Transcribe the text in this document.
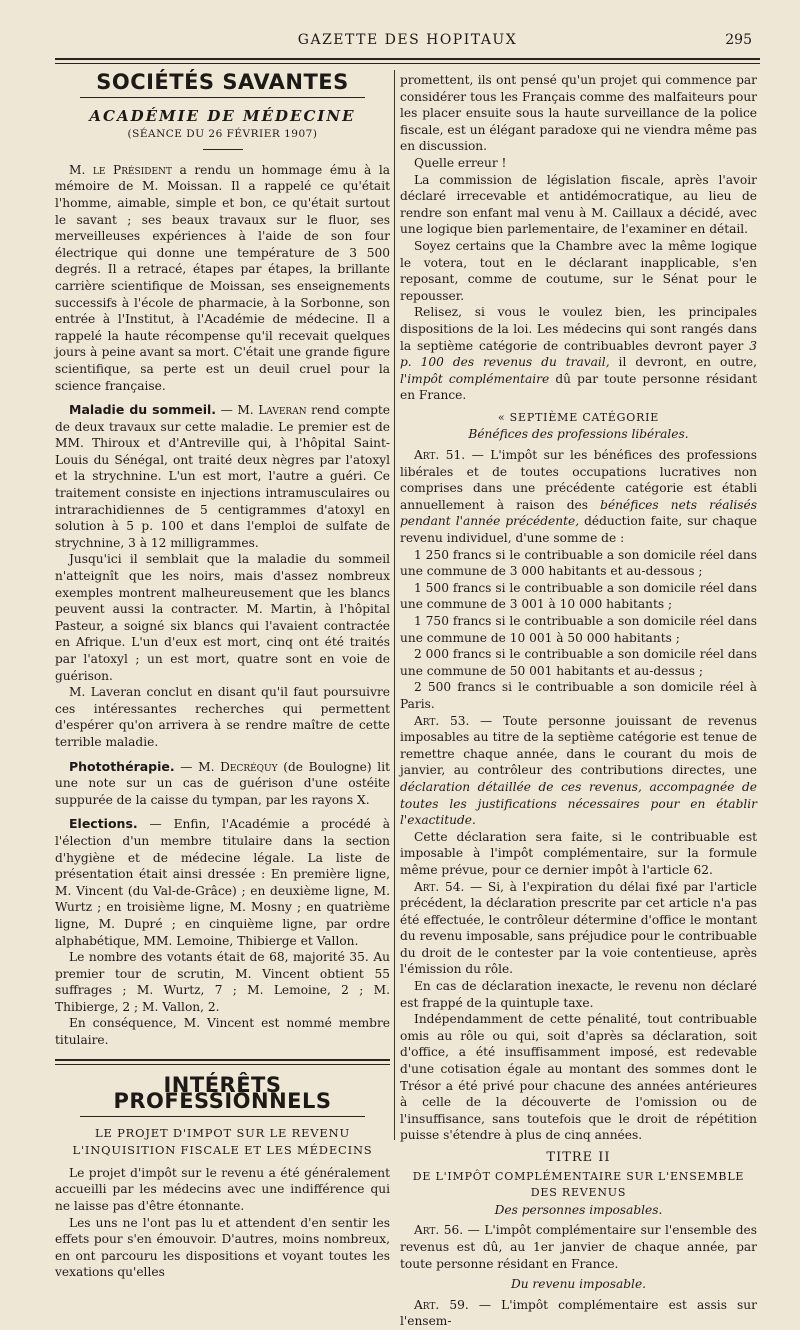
GAZETTE DES HOPITAUX	295
SOCIÉTÉS SAVANTES
ACADÉMIE DE MÉDECINE
(SÉANCE DU 26 FÉVRIER 1907)

M. le Président a rendu un hommage ému à la mémoire de M. Moissan. Il a rappelé ce qu'était l'homme, aimable, simple et bon, ce qu'était surtout le savant ; ses beaux travaux sur le fluor, ses merveilleuses expériences à l'aide de son four électrique qui donne une température de 3 500 degrés. Il a retracé, étapes par étapes, la brillante carrière scientifique de Moissan, ses enseignements successifs à l'école de pharmacie, à la Sorbonne, son entrée à l'Institut, à l'Académie de médecine. Il a rappelé la haute récompense qu'il recevait quelques jours à peine avant sa mort. C'était une grande figure scientifique, sa perte est un deuil cruel pour la science française.

Maladie du sommeil. — M. Laveran rend compte de deux travaux sur cette maladie. Le premier est de MM. Thiroux et d'Antreville qui, à l'hôpital Saint-Louis du Sénégal, ont traité deux nègres par l'atoxyl et la strychnine. L'un est mort, l'autre a guéri. Ce traitement consiste en injections intramusculaires ou intrarachidiennes de 5 centigrammes d'atoxyl en solution à 5 p. 100 et dans l'emploi de sulfate de strychnine, 3 à 12 milligrammes.

Jusqu'ici il semblait que la maladie du sommeil n'atteignît que les noirs, mais d'assez nombreux exemples montrent malheureusement que les blancs peuvent aussi la contracter. M. Martin, à l'hôpital Pasteur, a soigné six blancs qui l'avaient contractée en Afrique. L'un d'eux est mort, cinq ont été traités par l'atoxyl ; un est mort, quatre sont en voie de guérison.

M. Laveran conclut en disant qu'il faut poursuivre ces intéressantes recherches qui permettent d'espérer qu'on arrivera à se rendre maître de cette terrible maladie.

Photothérapie. — M. Decréquy (de Boulogne) lit une note sur un cas de guérison d'une ostéite suppurée de la caisse du tympan, par les rayons X.

Elections. — Enfin, l'Académie a procédé à l'élection d'un membre titulaire dans la section d'hygiène et de médecine légale. La liste de présentation était ainsi dressée : En première ligne, M. Vincent (du Val-de-Grâce) ; en deuxième ligne, M. Wurtz ; en troisième ligne, M. Mosny ; en quatrième ligne, M. Dupré ; en cinquième ligne, par ordre alphabétique, MM. Lemoine, Thibierge et Vallon.

Le nombre des votants était de 68, majorité 35. Au premier tour de scrutin, M. Vincent obtient 55 suffrages ; M. Wurtz, 7 ; M. Lemoine, 2 ; M. Thibierge, 2 ; M. Vallon, 2.

En conséquence, M. Vincent est nommé membre titulaire.

INTÉRÊTS PROFESSIONNELS
LE PROJET D'IMPOT SUR LE REVENU
L'INQUISITION FISCALE ET LES MÉDECINS

Le projet d'impôt sur le revenu a été généralement accueilli par les médecins avec une indifférence qui ne laisse pas d'être étonnante.

Les uns ne l'ont pas lu et attendent d'en sentir les effets pour s'en émouvoir. D'autres, moins nombreux, en ont parcouru les dispositions et voyant toutes les vexations qu'elles

promettent, ils ont pensé qu'un projet qui commence par considérer tous les Français comme des malfaiteurs pour les placer ensuite sous la haute surveillance de la police fiscale, est un élégant paradoxe qui ne viendra même pas en discussion.

Quelle erreur !

La commission de législation fiscale, après l'avoir déclaré irrecevable et antidémocratique, au lieu de rendre son enfant mal venu à M. Caillaux a décidé, avec une logique bien parlementaire, de l'examiner en détail.

Soyez certains que la Chambre avec la même logique le votera, tout en le déclarant inapplicable, s'en reposant, comme de coutume, sur le Sénat pour le repousser.

Relisez, si vous le voulez bien, les principales dispositions de la loi. Les médecins qui sont rangés dans la septième catégorie de contribuables devront payer 3 p. 100 des revenus du travail, il devront, en outre, l'impôt complémentaire dû par toute personne résidant en France.

« SEPTIÈME CATÉGORIE
Bénéfices des professions libérales.

Art. 51. — L'impôt sur les bénéfices des professions libérales et de toutes occupations lucratives non comprises dans une précédente catégorie est établi annuellement à raison des bénéfices nets réalisés pendant l'année précédente, déduction faite, sur chaque revenu individuel, d'une somme de :

1 250 francs si le contribuable a son domicile réel dans une commune de 3 000 habitants et au-dessous ;

1 500 francs si le contribuable a son domicile réel dans une commune de 3 001 à 10 000 habitants ;

1 750 francs si le contribuable a son domicile réel dans une commune de 10 001 à 50 000 habitants ;

2 000 francs si le contribuable a son domicile réel dans une commune de 50 001 habitants et au-dessus ;

2 500 francs si le contribuable a son domicile réel à Paris.

Art. 53. — Toute personne jouissant de revenus imposables au titre de la septième catégorie est tenue de remettre chaque année, dans le courant du mois de janvier, au contrôleur des contributions directes, une déclaration détaillée de ces revenus, accompagnée de toutes les justifications nécessaires pour en établir l'exactitude.

Cette déclaration sera faite, si le contribuable est imposable à l'impôt complémentaire, sur la formule même prévue, pour ce dernier impôt à l'article 62.

Art. 54. — Si, à l'expiration du délai fixé par l'article précédent, la déclaration prescrite par cet article n'a pas été effectuée, le contrôleur détermine d'office le montant du revenu imposable, sans préjudice pour le contribuable du droit de le contester par la voie contentieuse, après l'émission du rôle.

En cas de déclaration inexacte, le revenu non déclaré est frappé de la quintuple taxe.

Indépendamment de cette pénalité, tout contribuable omis au rôle ou qui, soit d'après sa déclaration, soit d'office, a été insuffisamment imposé, est redevable d'une cotisation égale au montant des sommes dont le Trésor a été privé pour chacune des années antérieures à celle de la découverte de l'omission ou de l'insuffisance, sans toutefois que le droit de répétition puisse s'étendre à plus de cinq années.

TITRE II
DE L'IMPÔT COMPLÉMENTAIRE SUR L'ENSEMBLE DES REVENUS
Des personnes imposables.

Art. 56. — L'impôt complémentaire sur l'ensemble des revenus est dû, au 1er janvier de chaque année, par toute personne résidant en France.

Du revenu imposable.

Art. 59. — L'impôt complémentaire est assis sur l'ensem-
